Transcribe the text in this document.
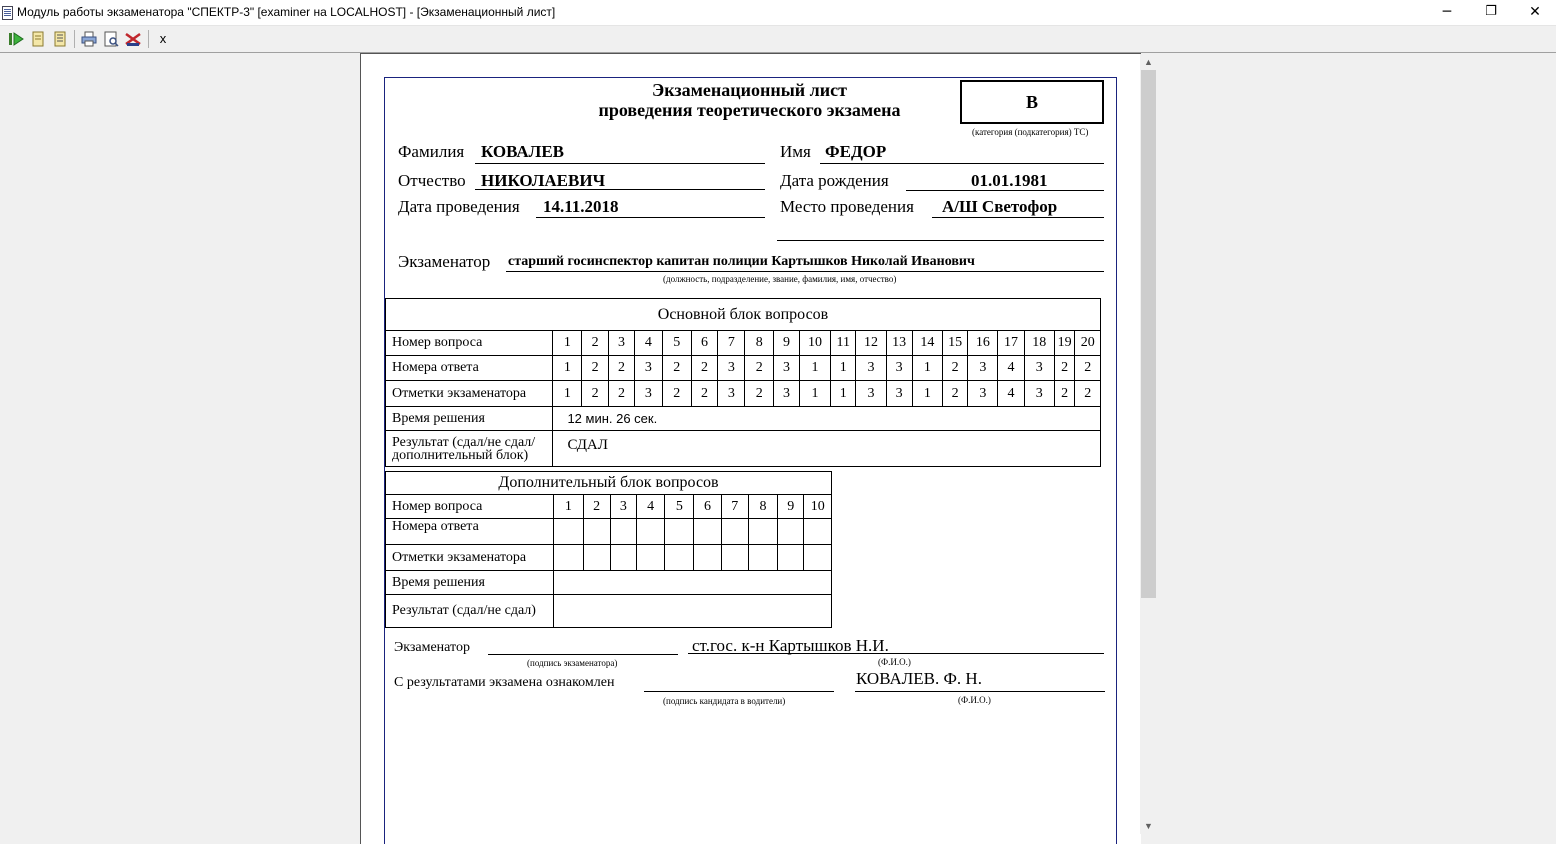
Модуль работы экзаменатора "СПЕКТР-3" [examiner на LOCALHOST] - [Экзаменационный лист]	─	❐	✕
x
▲
▼
Экзаменационный лист
проведения теоретического экзамена	B
(категория (подкатегория) ТС)
Фамилия КОВАЛЕВ	Имя ФЕДОР
Отчество НИКОЛАЕВИЧ	Дата рождения	01.01.1981
Дата проведения 14.11.2018	Место проведения А/Ш Светофор
Экзаменатор старший госинспектор капитан полиции Картышков Николай Иванович
(должность, подразделение, звание, фамилия, имя, отчество)
Основной блок вопросов																				
Номер вопроса	1	2	3	4	5	6	7	8	9	10	11	12	13	14	15	16	17	18	19	20
Номера ответа	1	2	2	3	2	2	3	2	3	1	1	3	3	1	2	3	4	3	2	2
Отметки экзаменатора	1	2	2	3	2	2	3	2	3	1	1	3	3	1	2	3	4	3	2	2
Время решения	12 мин. 26 сек.																			
Результат (сдал/не сдал/ дополнительный блок)	СДАЛ																			
Дополнительный блок вопросов										
Номер вопроса	1	2	3	4	5	6	7	8	9	10
Номера ответа										
Отметки экзаменатора										
Время решения										
Результат (сдал/не сдал)										
Экзаменатор
(подпись экзаменатора)
ст.гос. к-н Картышков Н.И.
(Ф.И.О.)
С результатами экзамена ознакомлен
(подпись кандидата в водители)
КОВАЛЕВ. Ф. Н.
(Ф.И.О.)
